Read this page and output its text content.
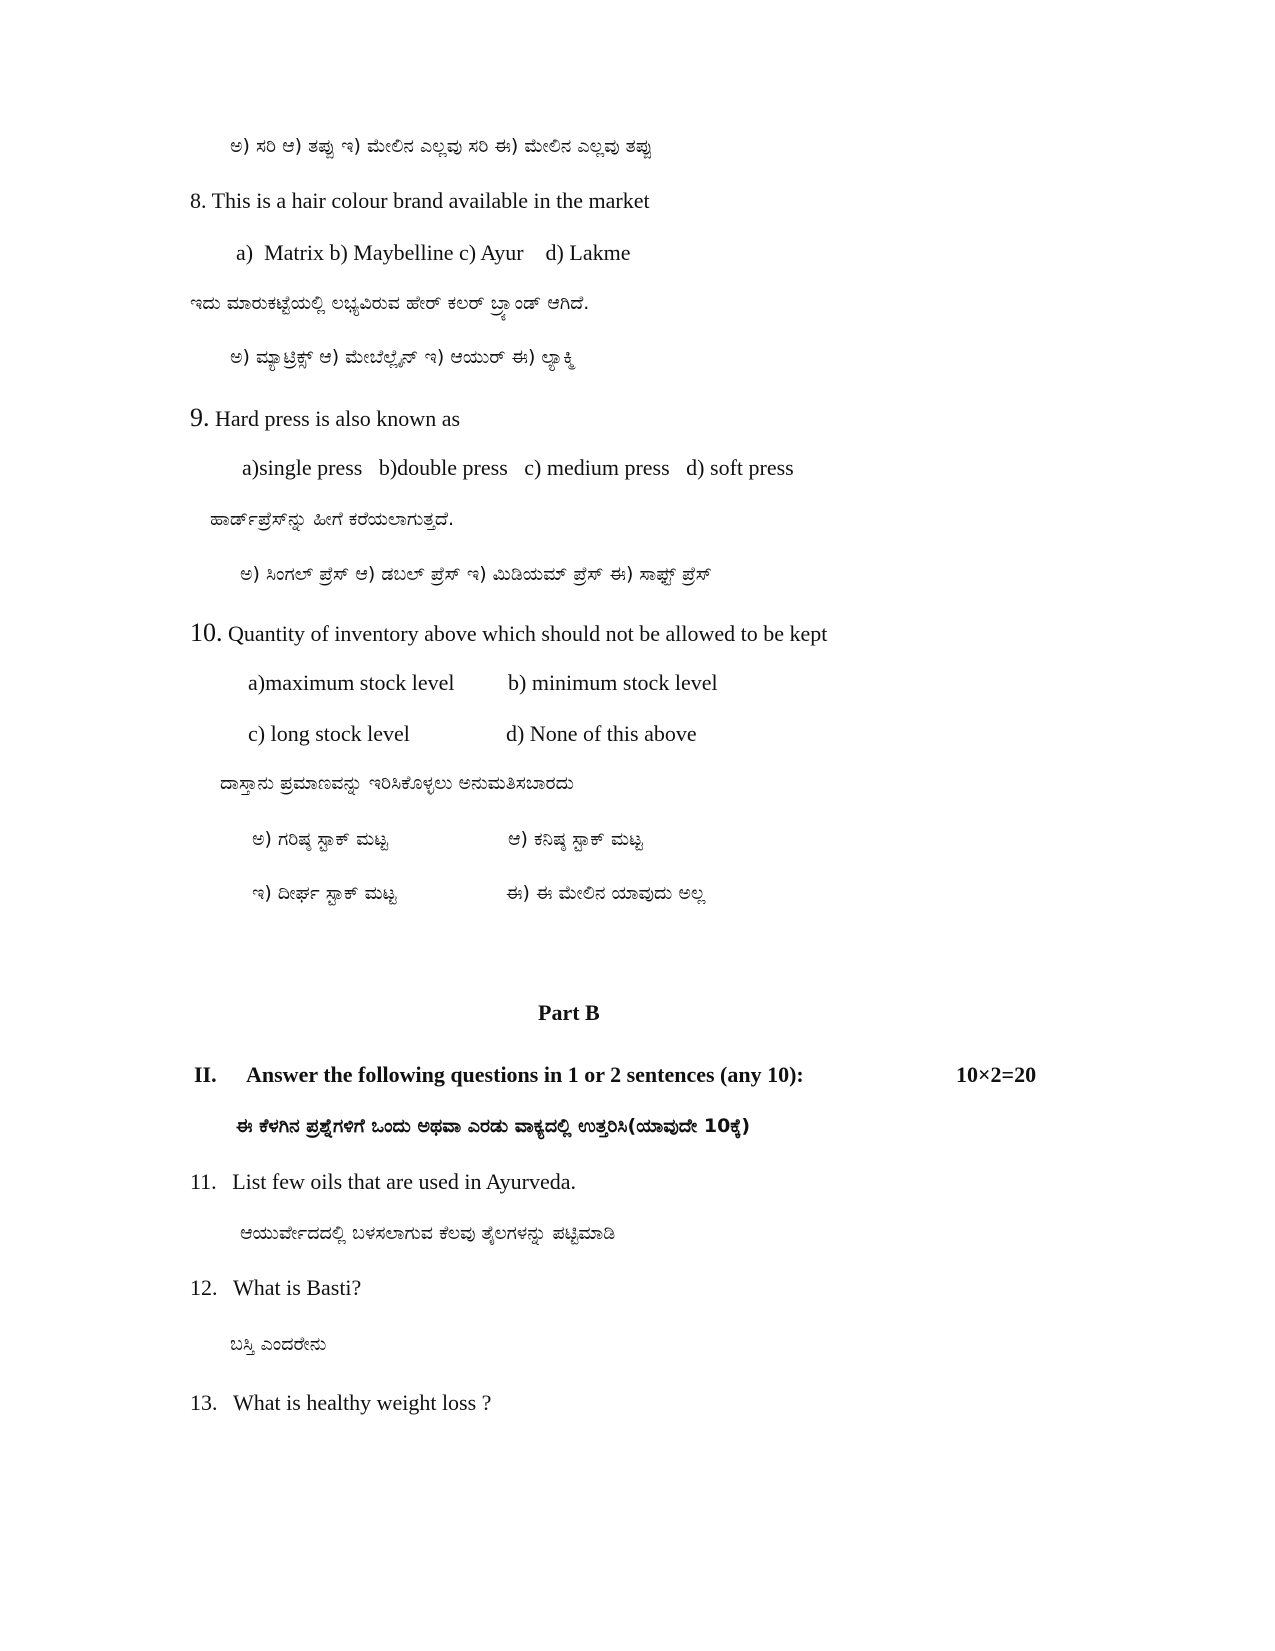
ಅ) ಸರಿ ಆ) ತಪ್ಪು ಇ) ಮೇಲಿನ ಎಲ್ಲವು ಸರಿ ಈ) ಮೇಲಿನ ಎಲ್ಲವು ತಪ್ಪು
8. This is a hair colour brand available in the market
a)  Matrix b) Maybelline c) Ayur    d) Lakme
ಇದು ಮಾರುಕಟ್ಟೆಯಲ್ಲಿ ಲಭ್ಯವಿರುವ ಹೇರ್ ಕಲರ್ ಬ್ರ್ಯಾಂಡ್ ಆಗಿದೆ.
ಅ) ಮ್ಯಾಟ್ರಿಕ್ಸ್ ಆ) ಮೇಬೆಲ್ಲೈನ್ ಇ) ಆಯುರ್ ಈ) ಲ್ಯಾಕ್ಮಿ
9. Hard press is also known as
a)single press   b)double press   c) medium press   d) soft press
ಹಾರ್ಡ್‌ಪ್ರೆಸ್‌ನ್ನು ಹೀಗೆ ಕರೆಯಲಾಗುತ್ತದೆ.
ಅ) ಸಿಂಗಲ್ ಪ್ರೆಸ್ ಆ) ಡಬಲ್ ಪ್ರೆಸ್ ಇ) ಮಿಡಿಯಮ್ ಪ್ರೆಸ್ ಈ) ಸಾಫ್ಟ್ ಪ್ರೆಸ್
10. Quantity of inventory above which should not be allowed to be kept
a)maximum stock level b) minimum stock level
c) long stock level	d) None of this above
ದಾಸ್ತಾನು ಪ್ರಮಾಣವನ್ನು ಇರಿಸಿಕೊಳ್ಳಲು ಅನುಮತಿಸಬಾರದು
ಅ) ಗರಿಷ್ಠ ಸ್ಟಾಕ್ ಮಟ್ಟ	ಆ) ಕನಿಷ್ಠ ಸ್ಟಾಕ್ ಮಟ್ಟ
ಇ) ದೀರ್ಘ ಸ್ಟಾಕ್ ಮಟ್ಟ	ಈ) ಈ ಮೇಲಿನ ಯಾವುದು ಅಲ್ಲ
Part B
II. Answer the following questions in 1 or 2 sentences (any 10):	10×2=20
ಈ ಕೆಳಗಿನ ಪ್ರಶ್ನೆಗಳಿಗೆ ಒಂದು ಅಥವಾ ಎರಡು ವಾಕ್ಯದಲ್ಲಿ ಉತ್ತರಿಸಿ(ಯಾವುದೇ 10ಕ್ಕೆ)
11. List few oils that are used in Ayurveda.
ಆಯುರ್ವೇದದಲ್ಲಿ ಬಳಸಲಾಗುವ ಕೆಲವು ತೈಲಗಳನ್ನು ಪಟ್ಟಿಮಾಡಿ
12. What is Basti?
ಬಸ್ತಿ ಎಂದರೇನು
13. What is healthy weight loss ?
